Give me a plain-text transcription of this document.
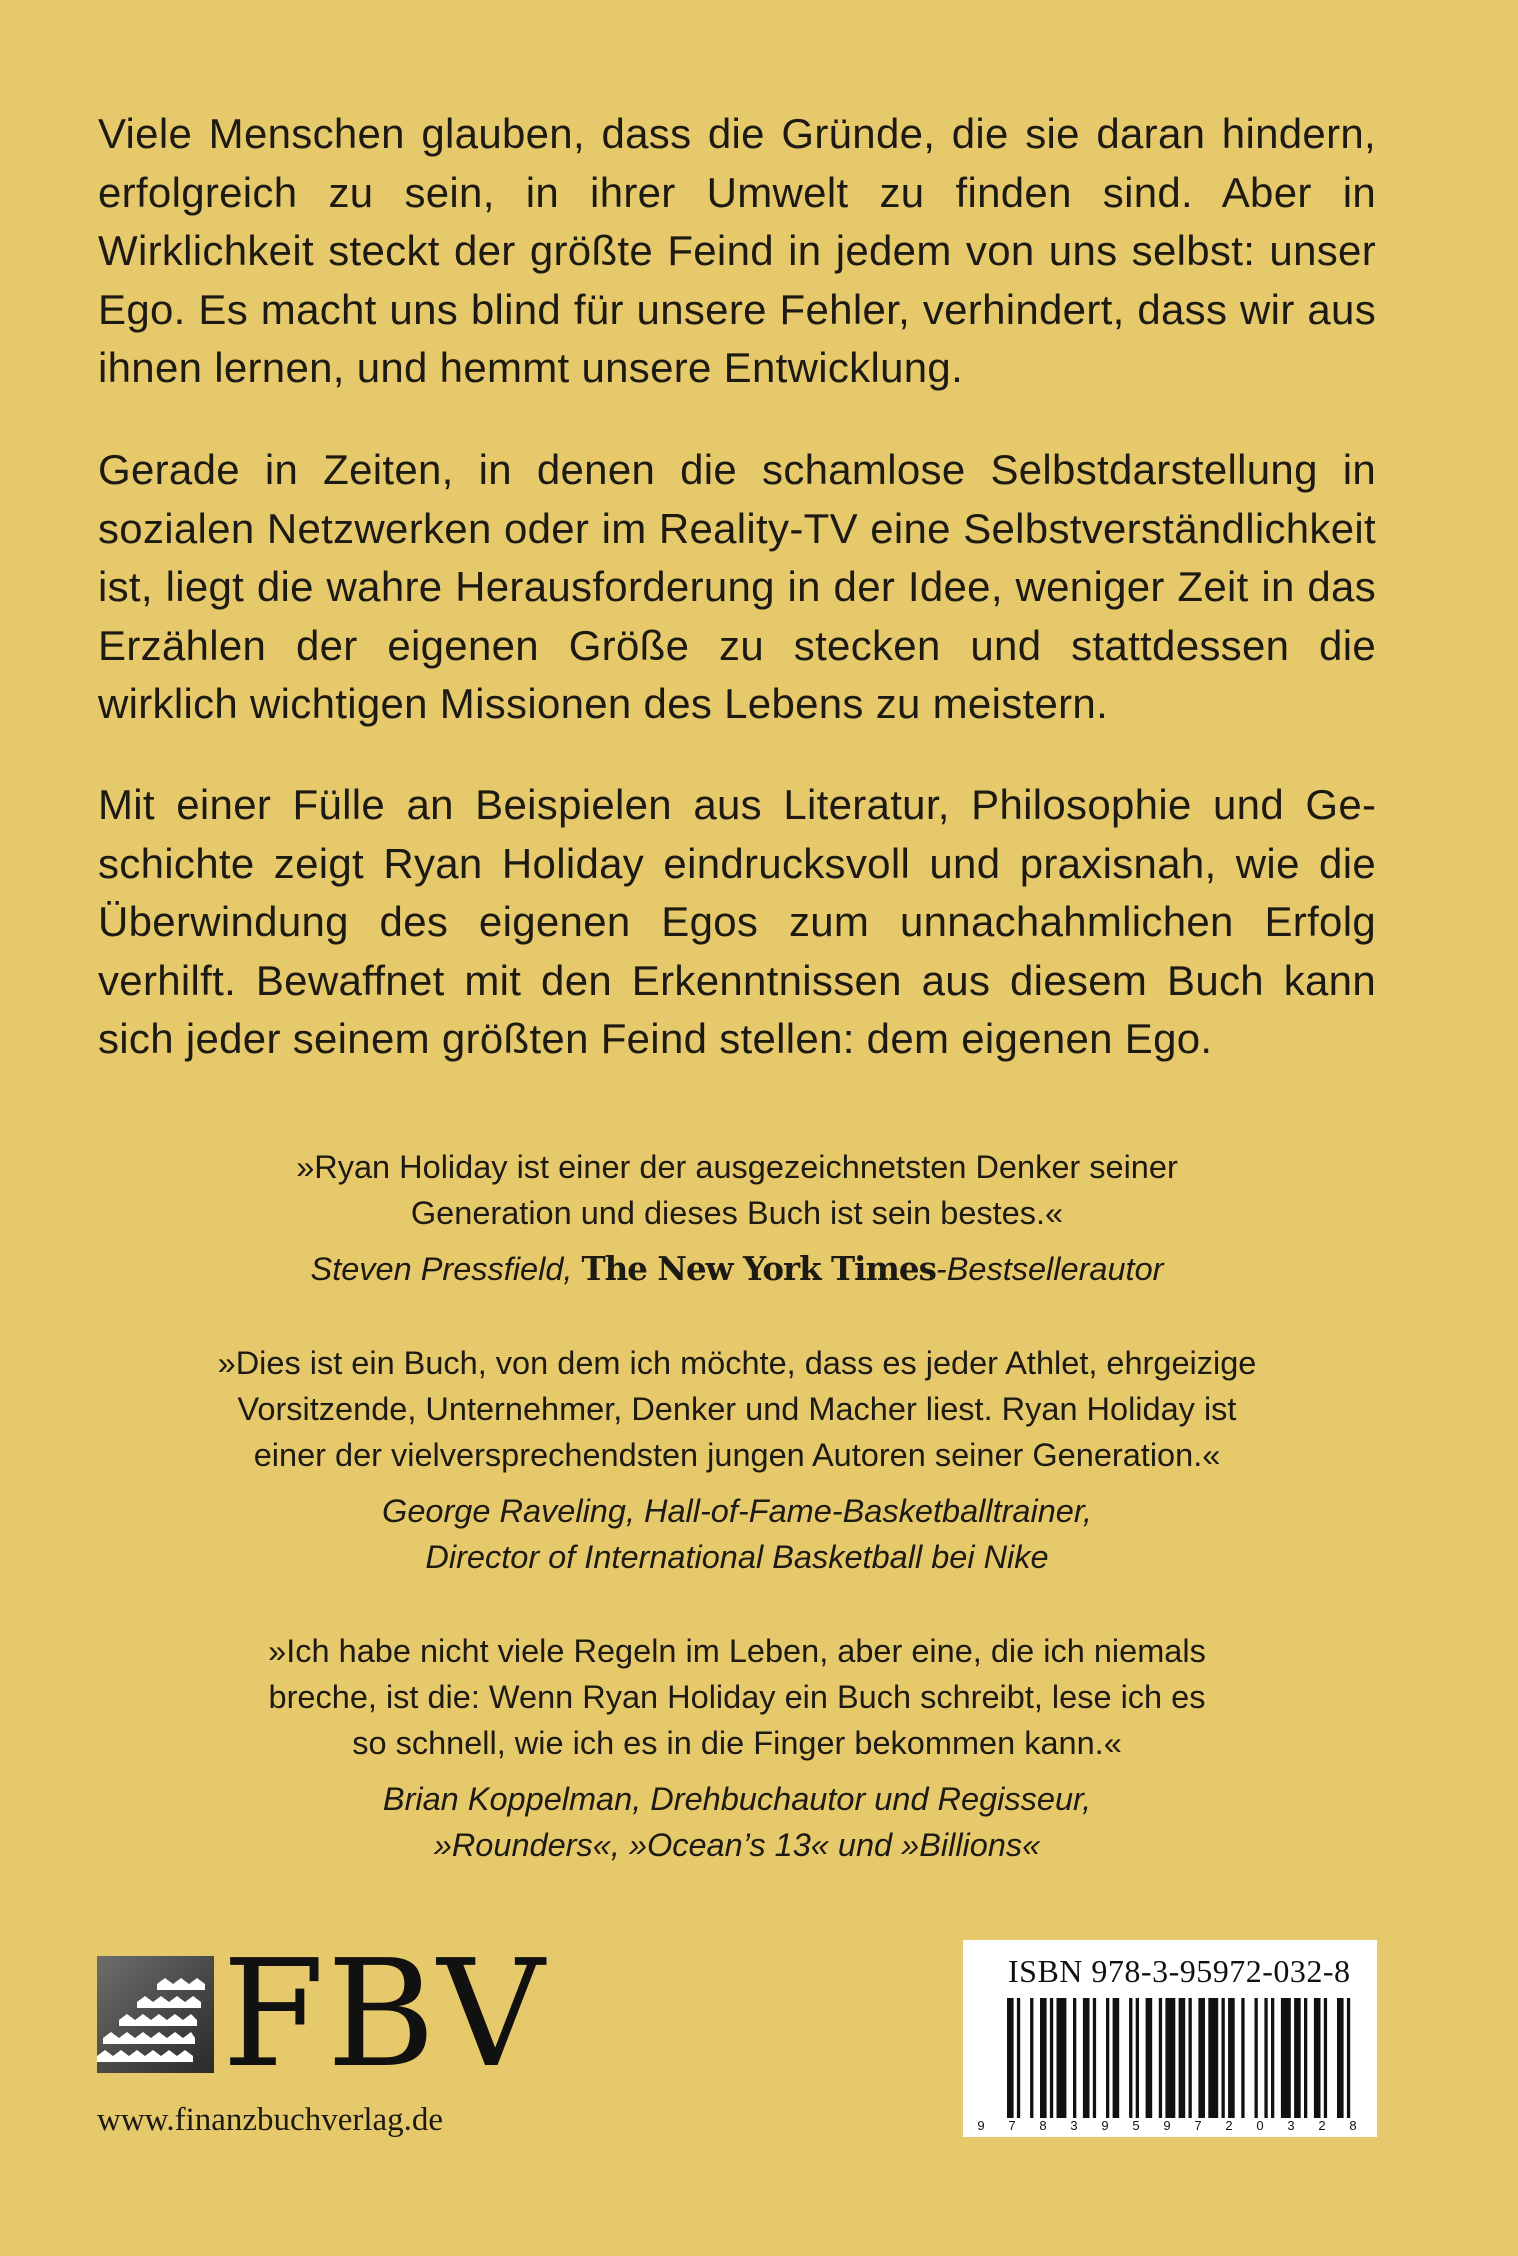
Viele Menschen glauben, dass die Gründe, die sie daran hindern, erfolgreich zu sein, in ihrer Umwelt zu finden sind. Aber in Wirklichkeit steckt der größte Feind in jedem von uns selbst: unser Ego. Es macht uns blind für unsere Fehler, verhindert, dass wir aus ihnen lernen, und hemmt unsere Entwicklung.

Gerade in Zeiten, in denen die schamlose Selbstdarstellung in sozialen Netzwerken oder im Reality-TV eine Selbstverständlichkeit ist, liegt die wahre Herausforderung in der Idee, weniger Zeit in das Erzählen der eigenen Größe zu stecken und stattdessen die wirklich wichtigen Missionen des Lebens zu meistern.

Mit einer Fülle an Beispielen aus Literatur, Philosophie und Geschichte zeigt Ryan Holiday eindrucksvoll und praxisnah, wie die Überwindung des eigenen Egos zum unnachahmlichen Erfolg verhilft. Bewaffnet mit den Erkenntnissen aus diesem Buch kann sich jeder seinem größten Feind stellen: dem eigenen Ego.

»Ryan Holiday ist einer der ausgezeichnetsten Denker seiner
Generation und dieses Buch ist sein bestes.«

Steven Pressfield, The New York Times-Bestsellerautor

»Dies ist ein Buch, von dem ich möchte, dass es jeder Athlet, ehrgeizige
Vorsitzende, Unternehmer, Denker und Macher liest. Ryan Holiday ist
einer der vielversprechendsten jungen Autoren seiner Generation.«

George Raveling, Hall-of-Fame-Basketballtrainer,
Director of International Basketball bei Nike

»Ich habe nicht viele Regeln im Leben, aber eine, die ich niemals
breche, ist die: Wenn Ryan Holiday ein Buch schreibt, lese ich es
so schnell, wie ich es in die Finger bekommen kann.«

Brian Koppelman, Drehbuchautor und Regisseur,
»Rounders«, »Ocean’s 13« und »Billions«

FBV
www.finanzbuchverlag.de
ISBN 978-3-95972-032-8
9 7 8 3 9 5 9 7 2 0 3 2 8
